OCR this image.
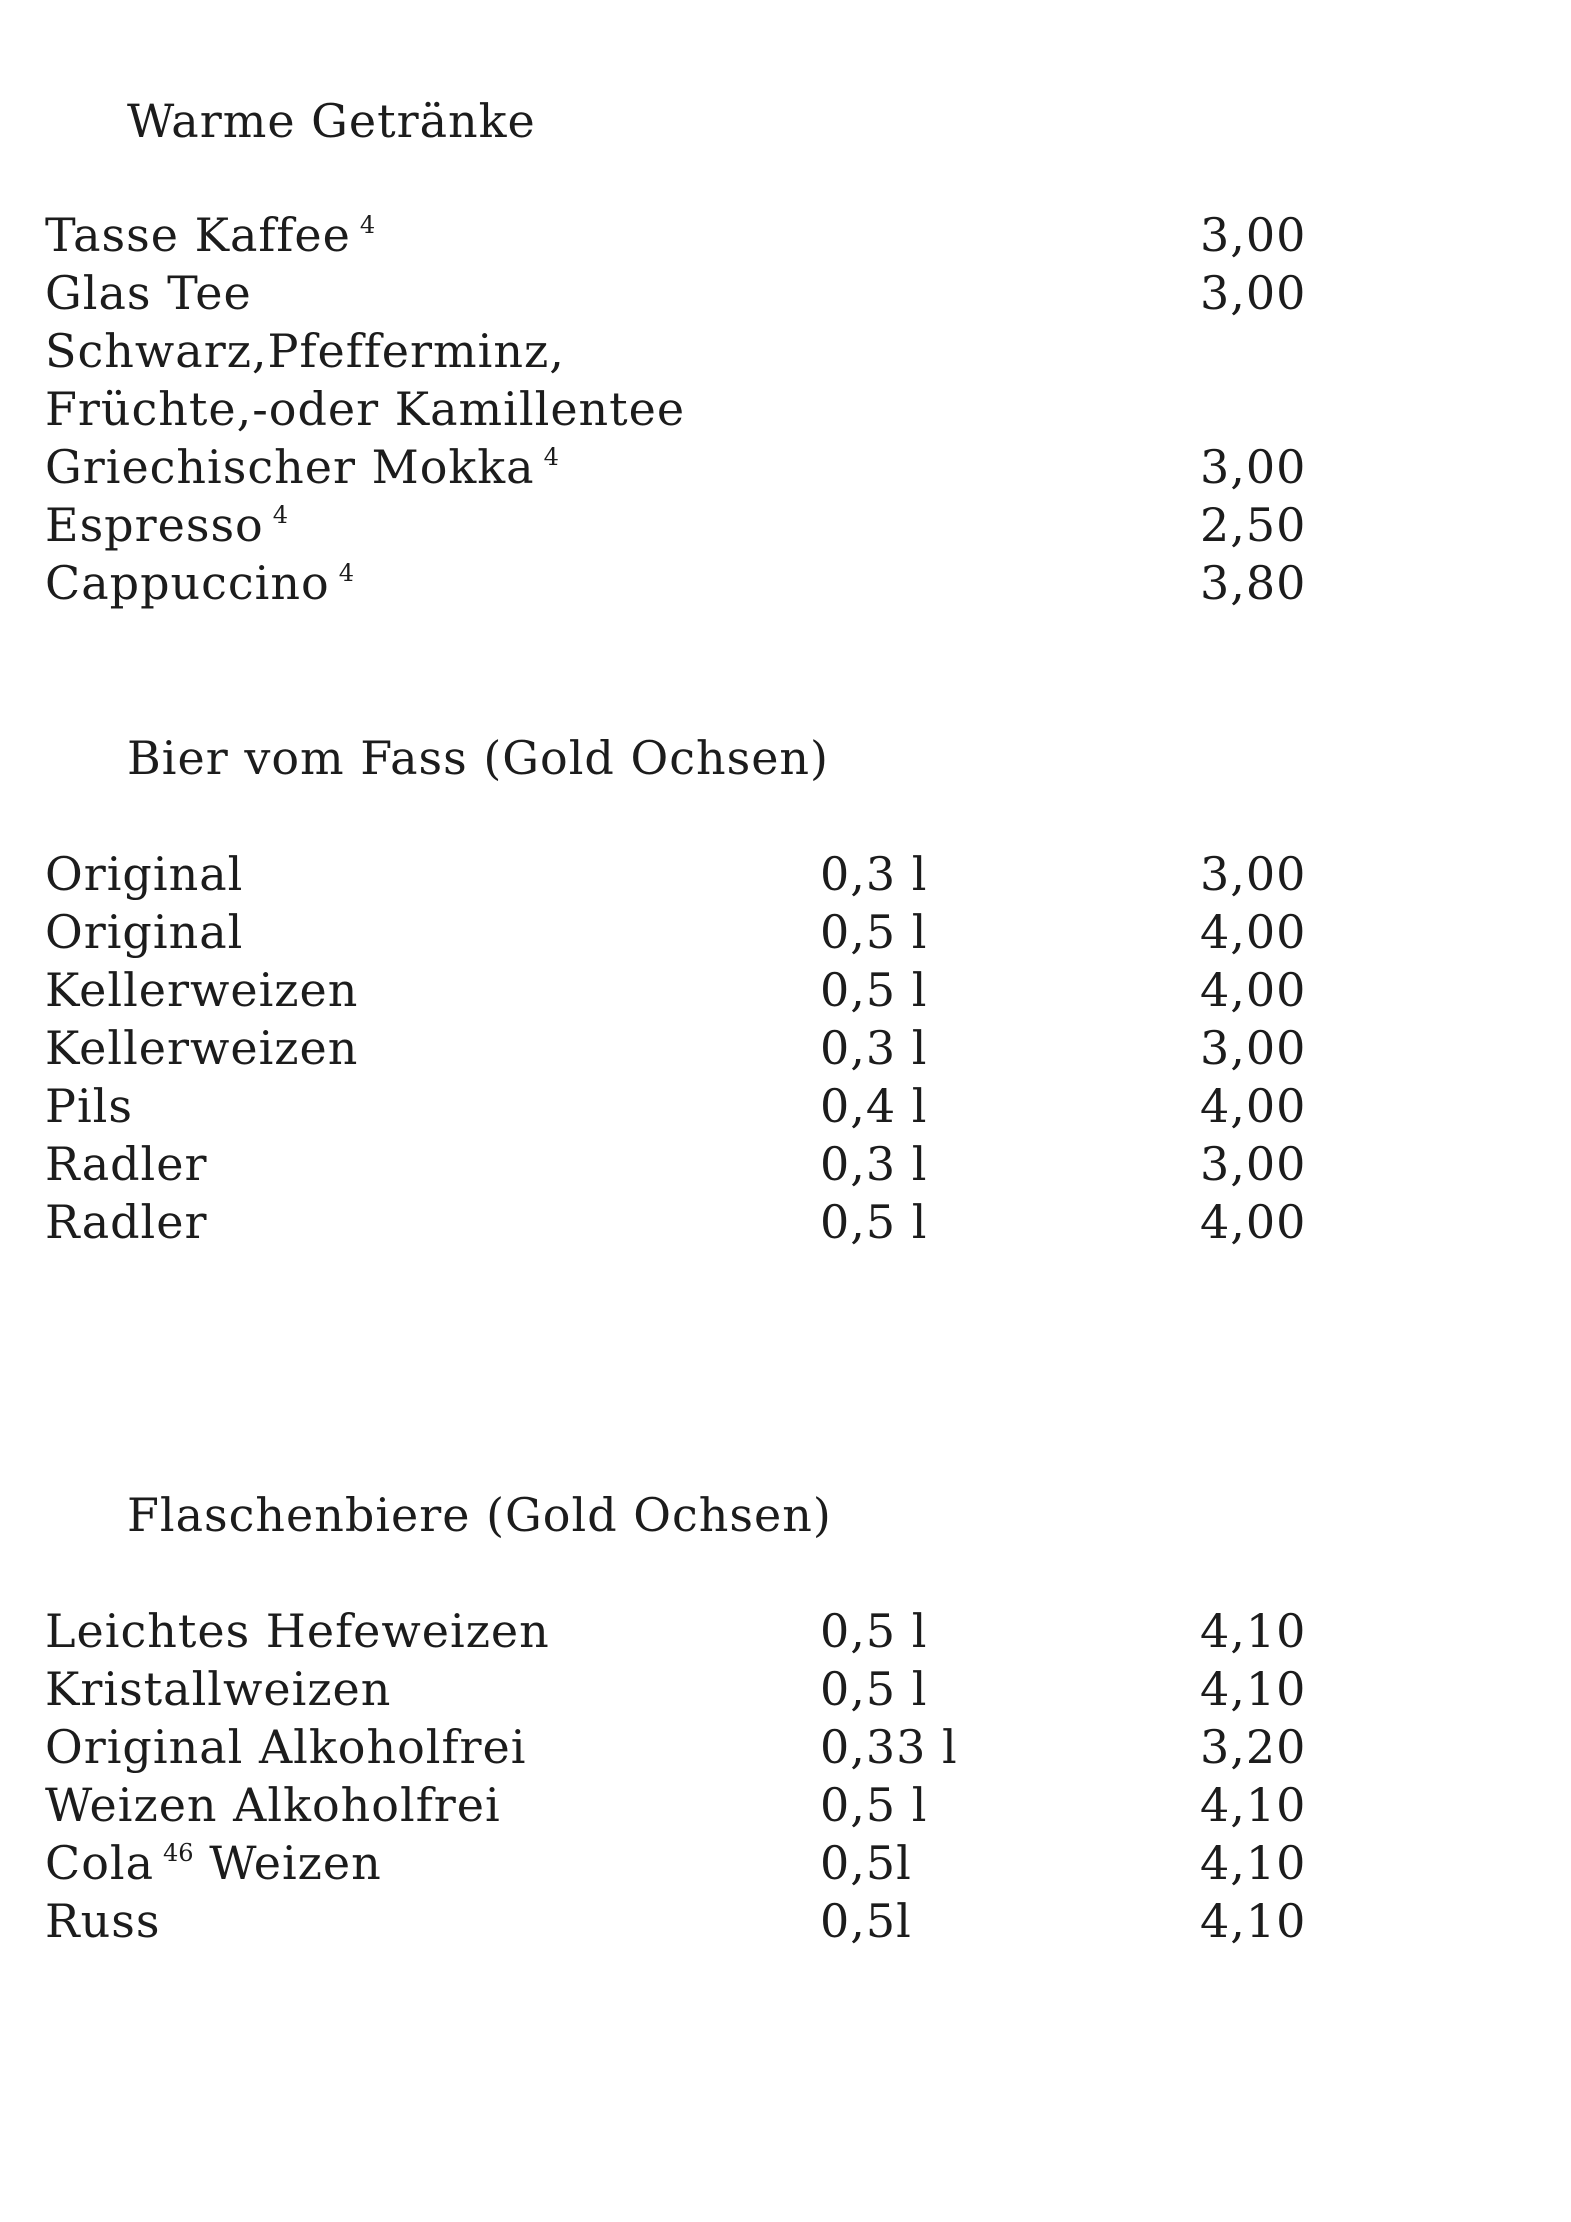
Warme Getränke
Tasse Kaffee $^4$	3,00
Glas Tee	3,00
Schwarz,Pfefferminz,
Früchte,-oder Kamillentee
Griechischer Mokka $^4$	3,00
Espresso $^4$	2,50
Cappuccino $^4$	3,80
Bier vom Fass (Gold Ochsen)
Original	0,3 l	3,00
Original	0,5 l	4,00
Kellerweizen	0,5 l	4,00
Kellerweizen	0,3 l	3,00
Pils	0,4 l	4,00
Radler	0,3 l	3,00
Radler	0,5 l	4,00
Flaschenbiere (Gold Ochsen)
Leichtes Hefeweizen	0,5 l	4,10
Kristallweizen	0,5 l	4,10
Original Alkoholfrei	0,33 l	3,20
Weizen Alkoholfrei	0,5 l	4,10
Cola $^{46}$ Weizen	0,5l	4,10
Russ	0,5l	4,10
